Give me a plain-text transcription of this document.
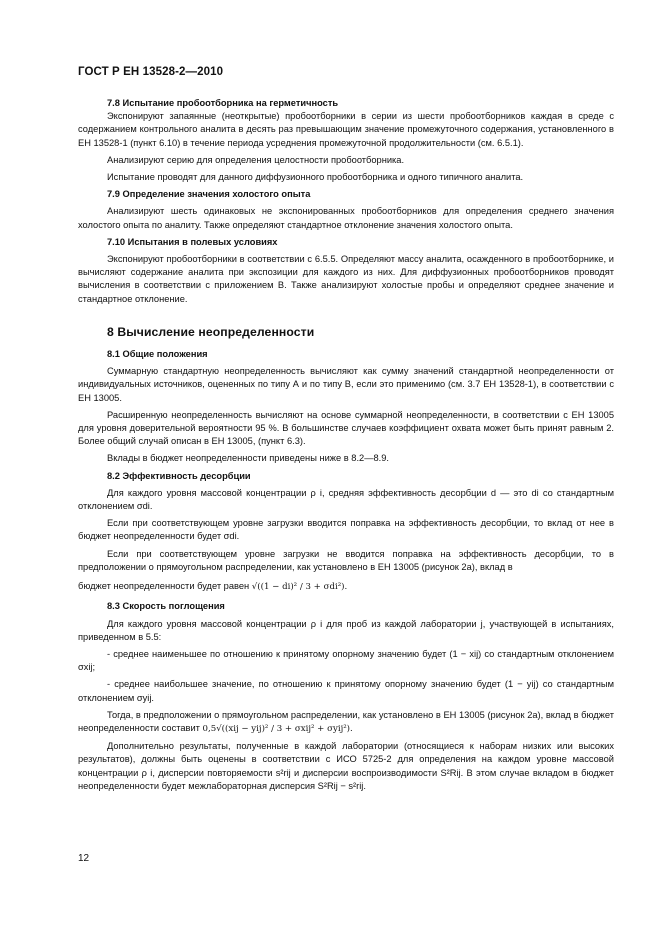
ГОСТ Р ЕН 13528-2—2010

7.8 Испытание пробоотборника на герметичность

Экспонируют запаянные (неоткрытые) пробоотборники в серии из шести пробоотборников каждая в среде с содержанием контрольного аналита в десять раз превышающим значение промежуточного содержания, установленного в ЕН 13528-1 (пункт 6.10) в течение периода усреднения промежуточной продолжительности (см. 6.5.1).

Анализируют серию для определения целостности пробоотборника.

Испытание проводят для данного диффузионного пробоотборника и одного типичного аналита.

7.9 Определение значения холостого опыта

Анализируют шесть одинаковых не экспонированных пробоотборников для определения среднего значения холостого опыта по аналиту. Также определяют стандартное отклонение значения холостого опыта.

7.10 Испытания в полевых условиях

Экспонируют пробоотборники в соответствии с 6.5.5. Определяют массу аналита, осажденного в пробоотборнике, и вычисляют содержание аналита при экспозиции для каждого из них. Для диффузионных пробоотборников проводят вычисления в соответствии с приложением В. Также анализируют холостые пробы и определяют среднее значение и стандартное отклонение.

8 Вычисление неопределенности

8.1 Общие положения

Суммарную стандартную неопределенность вычисляют как сумму значений стандартной неопределенности от индивидуальных источников, оцененных по типу А и по типу В, если это применимо (см. 3.7 ЕН 13528-1), в соответствии с ЕН 13005.

Расширенную неопределенность вычисляют на основе суммарной неопределенности, в соответствии с ЕН 13005 для уровня доверительной вероятности 95 %. В большинстве случаев коэффициент охвата может быть принят равным 2. Более общий случай описан в ЕН 13005, (пункт 6.3).

Вклады в бюджет неопределенности приведены ниже в 8.2—8.9.

8.2 Эффективность десорбции

Для каждого уровня массовой концентрации ρ i, средняя эффективность десорбции d — это di со стандартным отклонением σdi.

Если при соответствующем уровне загрузки вводится поправка на эффективность десорбции, то вклад от нее в бюджет неопределенности будет σdi.

Если при соответствующем уровне загрузки не вводится поправка на эффективность десорбции, то в предположении о прямоугольном распределении, как установлено в ЕН 13005 (рисунок 2а), вклад в

бюджет неопределенности будет равен √((1 − di)² / 3 + σdi²).

8.3 Скорость поглощения

Для каждого уровня массовой концентрации ρ i для проб из каждой лаборатории j, участвующей в испытаниях, приведенном в 5.5:

- среднее наименьшее по отношению к принятому опорному значению будет (1 − xij) со стандартным отклонением σxij;

- среднее наибольшее значение, по отношению к принятому опорному значению будет (1 − yij) со стандартным отклонением σyij.

Тогда, в предположении о прямоугольном распределении, как установлено в ЕН 13005 (рисунок 2а), вклад в бюджет неопределенности составит 0,5√((xij − yij)² / 3 + σxij² + σyij²).

Дополнительно результаты, полученные в каждой лаборатории (относящиеся к наборам низких или высоких результатов), должны быть оценены в соответствии с ИСО 5725-2 для определения на каждом уровне массовой концентрации ρ i, дисперсии повторяемости s²rij и дисперсии воспроизводимости S²Rij. В этом случае вкладом в бюджет неопределенности будет межлабораторная дисперсия S²Rij − s²rij.

12
